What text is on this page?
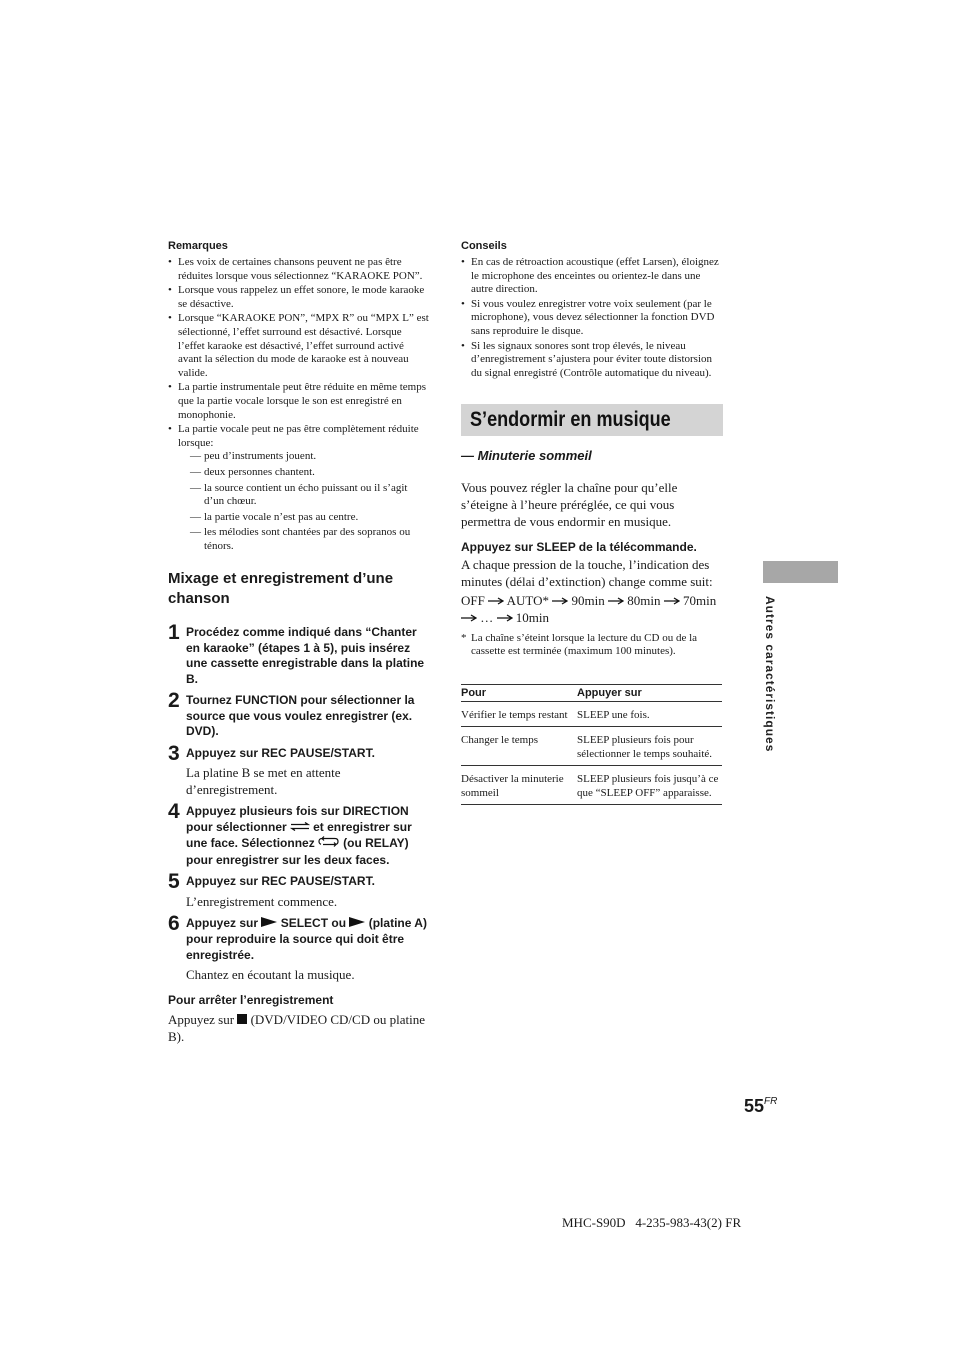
Remarques

• Les voix de certaines chansons peuvent ne pas être réduites lorsque vous sélectionnez “KARAOKE PON”.
• Lorsque vous rappelez un effet sonore, le mode karaoke se désactive.
• Lorsque “KARAOKE PON”, “MPX R” ou “MPX L” est sélectionné, l’effet surround est désactivé. Lorsque l’effet karaoke est désactivé, l’effet surround activé avant la sélection du mode de karaoke est à nouveau valide.
• La partie instrumentale peut être réduite en même temps que la partie vocale lorsque le son est enregistré en monophonie.
• La partie vocale peut ne pas être complètement réduite lorsque:
— peu d’instruments jouent.
— deux personnes chantent.
— la source contient un écho puissant ou il s’agit d’un chœur.
— la partie vocale n’est pas au centre.
— les mélodies sont chantées par des sopranos ou ténors.
Mixage et enregistrement d’une chanson
1 Procédez comme indiqué dans “Chanter en karaoke” (étapes 1 à 5), puis insérez une cassette enregistrable dans la platine B.
2 Tournez FUNCTION pour sélectionner la source que vous voulez enregistrer (ex. DVD).
3 Appuyez sur REC PAUSE/START.
La platine B se met en attente d’enregistrement.
4 Appuyez plusieurs fois sur DIRECTION pour sélectionner et enregistrer sur une face. Sélectionnez (ou RELAY) pour enregistrer sur les deux faces.
5 Appuyez sur REC PAUSE/START.
L’enregistrement commence.
6 Appuyez sur SELECT ou (platine A) pour reproduire la source qui doit être enregistrée.
Chantez en écoutant la musique.

Pour arrêter l’enregistrement

Appuyez sur (DVD/VIDEO CD/CD ou platine B).

Conseils

• En cas de rétroaction acoustique (effet Larsen), éloignez le microphone des enceintes ou orientez-le dans une autre direction.
• Si vous voulez enregistrer votre voix seulement (par le microphone), vous devez sélectionner la fonction DVD sans reproduire le disque.
• Si les signaux sonores sont trop élevés, le niveau d’enregistrement s’ajustera pour éviter toute distorsion du signal enregistré (Contrôle automatique du niveau).
S’endormir en musique
— Minuterie sommeil
Vous pouvez régler la chaîne pour qu’elle s’éteigne à l’heure préréglée, ce qui vous permettra de vous endormir en musique.

Appuyez sur SLEEP de la télécommande.

A chaque pression de la touche, l’indication des minutes (délai d’extinction) change comme suit:
OFF AUTO* 90min 80min 70min  … 10min
* La chaîne s’éteint lorsque la lecture du CD ou de la cassette est terminée (maximum 100 minutes).
Pour	Appuyer sur
Vérifier le temps restant	SLEEP une fois.
Changer le temps	SLEEP plusieurs fois pour sélectionner le temps souhaité.
Désactiver la minuterie sommeil	SLEEP plusieurs fois jusqu’à ce que “SLEEP OFF” apparaisse.
Autres caractéristiques
$55^{FR}$
MHC-S90D   4-235-983-43(2) FR
